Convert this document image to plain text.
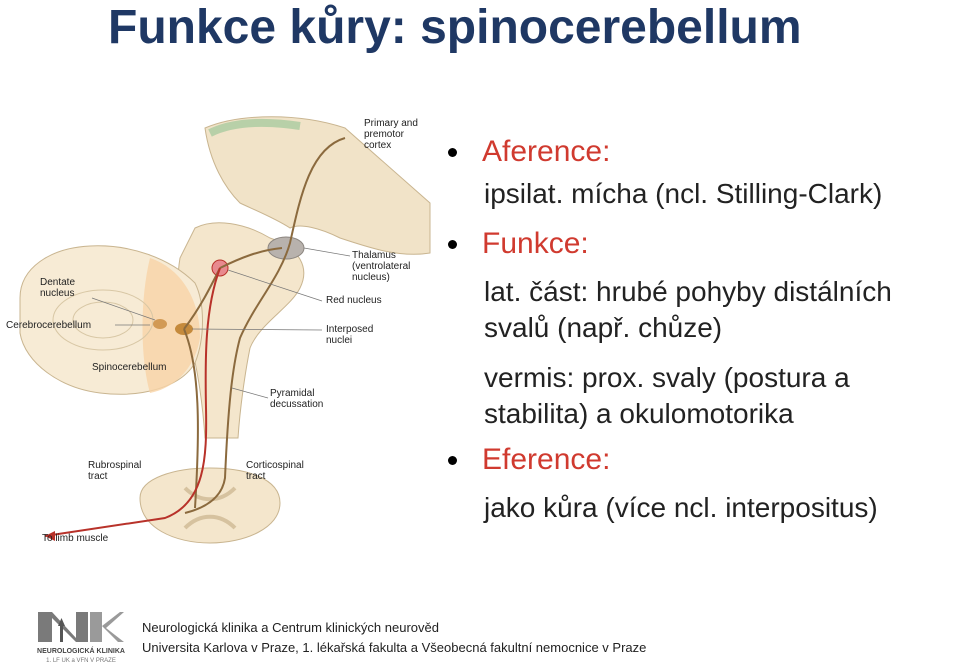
Funkce kůry: spinocerebellum
Primary and premotor cortex
Thalamus (ventrolateral nucleus)
Red nucleus
Interposed nuclei
Pyramidal decussation
Corticospinal tract
Rubrospinal tract
Dentate nucleus
Cerebrocerebellum
Spinocerebellum
To limb muscle
Aference:
ipsilat. mícha (ncl. Stilling-Clark)
Funkce:
lat. část: hrubé pohyby distálních
svalů (např. chůze)
vermis: prox. svaly (postura a
stabilita) a okulomotorika
Eference:
jako kůra (více ncl. interpositus)
NEUROLOGICKÁ KLINIKA
1. LF UK a VFN V PRAZE
Neurologická klinika a Centrum klinických neurověd
Universita Karlova v Praze, 1. lékařská fakulta a Všeobecná fakultní nemocnice v Praze
